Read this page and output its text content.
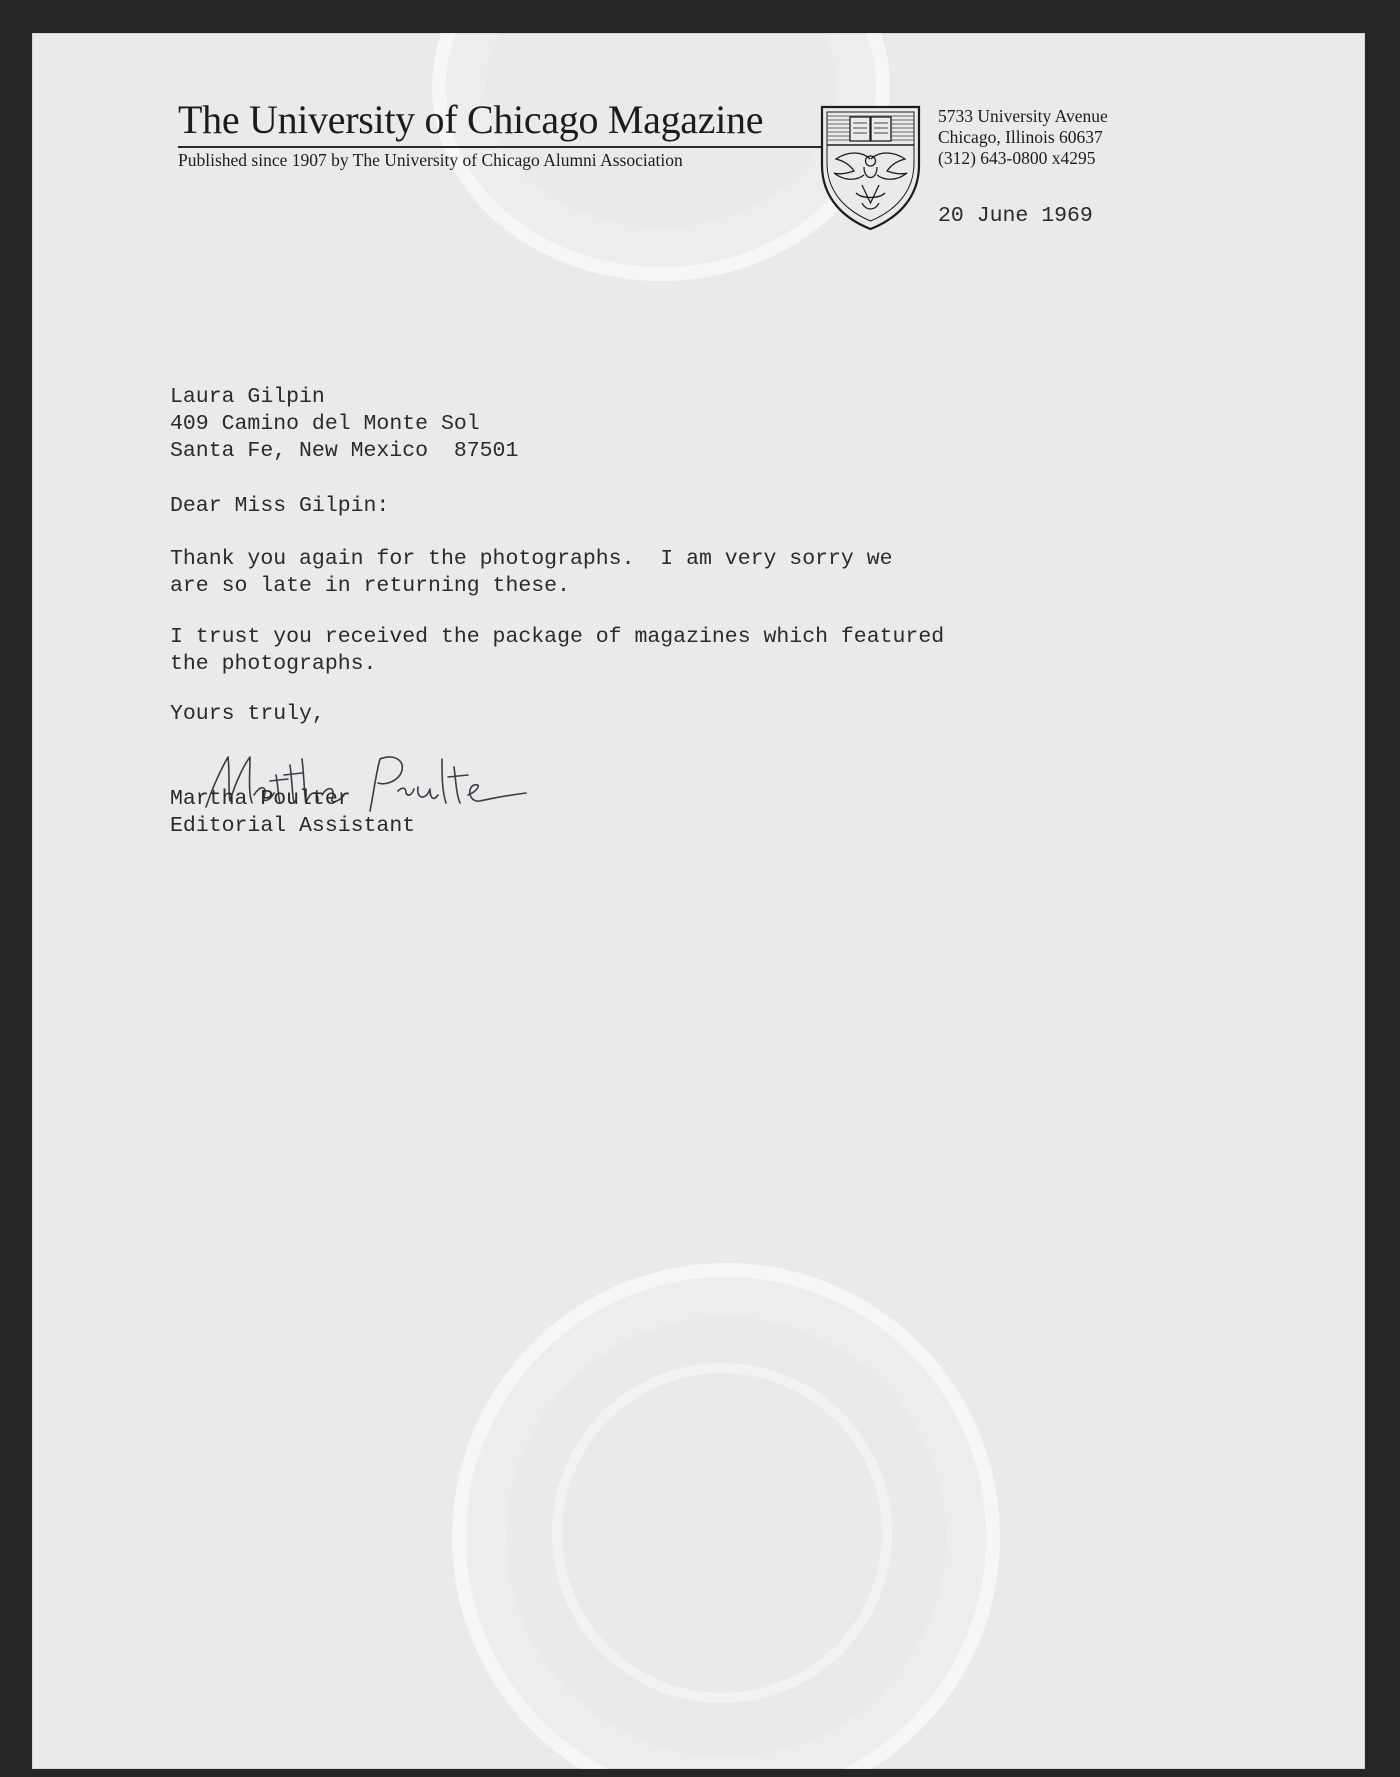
The University of Chicago Magazine
Published since 1907 by The University of Chicago Alumni Association
5733 University Avenue
Chicago, Illinois 60637
(312) 643-0800 x4295
20 June 1969
Laura Gilpin
409 Camino del Monte Sol
Santa Fe, New Mexico  87501
Dear Miss Gilpin:
Thank you again for the photographs.  I am very sorry we
are so late in returning these.
I trust you received the package of magazines which featured
the photographs.
Yours truly,
Martha Poulter
Editorial Assistant
